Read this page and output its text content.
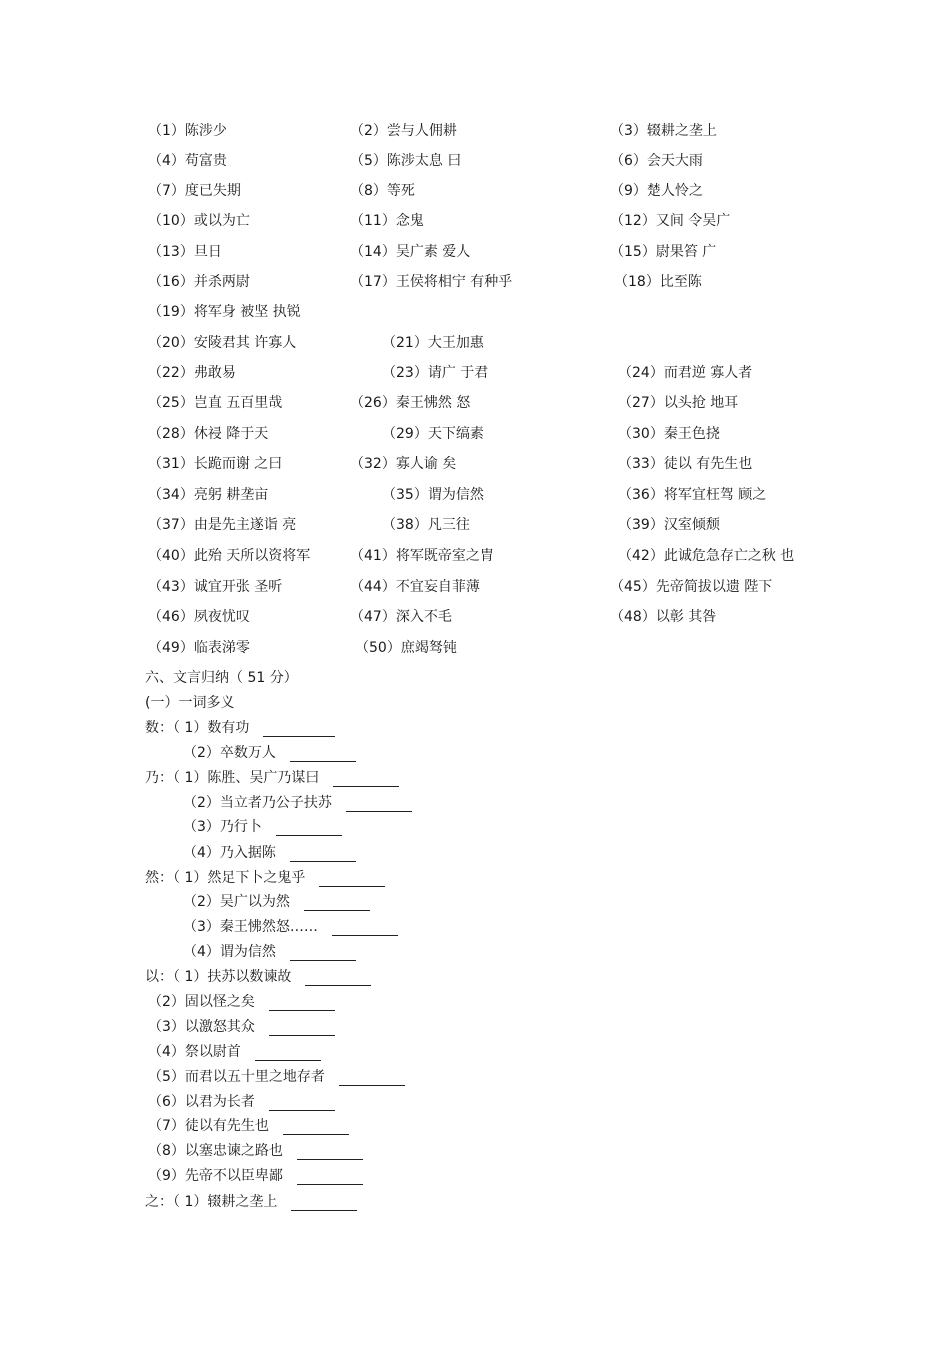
（1）陈涉少	（2）尝与人佣耕	（3）辍耕之垄上
（4）苟富贵	（5）陈涉太息 曰	（6）会天大雨
（7）度已失期	（8）等死	（9）楚人怜之
（10）或以为亡	（11）念鬼	（12）又间 令吴广
（13）旦日	（14）吴广素 爱人	（15）尉果笞 广
（16）并杀两尉	（17）王侯将相宁 有种乎	（18）比至陈
（19）将军身 被坚 执锐
（20）安陵君其 许寡人	（21）大王加惠
（22）弗敢易	（23）请广 于君	（24）而君逆 寡人者
（25）岂直 五百里哉	（26）秦王怫然 怒	（27）以头抢 地耳
（28）休祲 降于天	（29）天下缟素	（30）秦王色挠
（31）长跪而谢 之曰	（32）寡人谕 矣	（33）徒以 有先生也
（34）亮躬 耕垄亩	（35）谓为信然	（36）将军宜枉驾 顾之
（37）由是先主遂诣 亮	（38）凡三往	（39）汉室倾颓
（40）此殆 天所以资将军	（41）将军既帝室之胄	（42）此诚危急存亡之秋 也
（43）诚宜开张 圣听	（44）不宜妄自菲薄	（45）先帝简拔以遗 陛下
（46）夙夜忧叹	（47）深入不毛	（48）以彰 其咎
（49）临表涕零	（50）庶竭驽钝
六、文言归纳（ 51 分）
(一）一词多义
数：（ 1）数有功
（2）卒数万人
乃：（ 1）陈胜、吴广乃谋曰
（2）当立者乃公子扶苏
（3）乃行卜
（4）乃入据陈
然：（ 1）然足下卜之鬼乎
（2）吴广以为然
（3）秦王怫然怒……
（4）谓为信然
以：（ 1）扶苏以数谏故
（2）固以怪之矣
（3）以激怒其众
（4）祭以尉首
（5）而君以五十里之地存者
（6）以君为长者
（7）徒以有先生也
（8）以塞忠谏之路也
（9）先帝不以臣卑鄙
之：（ 1）辍耕之垄上
